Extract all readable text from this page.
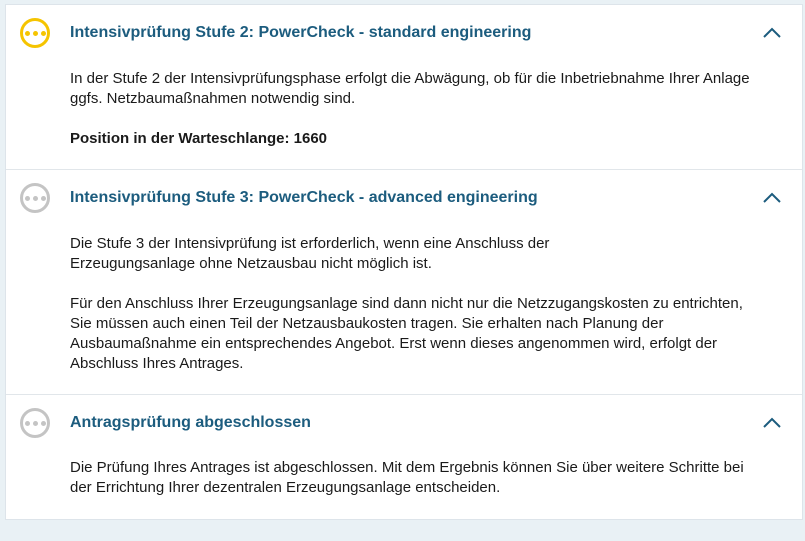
Intensivprüfung Stufe 2: PowerCheck - standard engineering

In der Stufe 2 der Intensivprüfungsphase erfolgt die Abwägung, ob für die Inbetriebnahme Ihrer Anlage ggfs. Netzbaumaßnahmen notwendig sind.

Position in der Warteschlange: 1660

Intensivprüfung Stufe 3: PowerCheck - advanced engineering

Die Stufe 3 der Intensivprüfung ist erforderlich, wenn eine Anschluss der Erzeugungsanlage ohne Netzausbau nicht möglich ist.

Für den Anschluss Ihrer Erzeugungsanlage sind dann nicht nur die Netzzugangskosten zu entrichten, Sie müssen auch einen Teil der Netzausbaukosten tragen. Sie erhalten nach Planung der Ausbaumaßnahme ein entsprechendes Angebot. Erst wenn dieses angenommen wird, erfolgt der Abschluss Ihres Antrages.

Antragsprüfung abgeschlossen

Die Prüfung Ihres Antrages ist abgeschlossen. Mit dem Ergebnis können Sie über weitere Schritte bei der Errichtung Ihrer dezentralen Erzeugungsanlage entscheiden.
